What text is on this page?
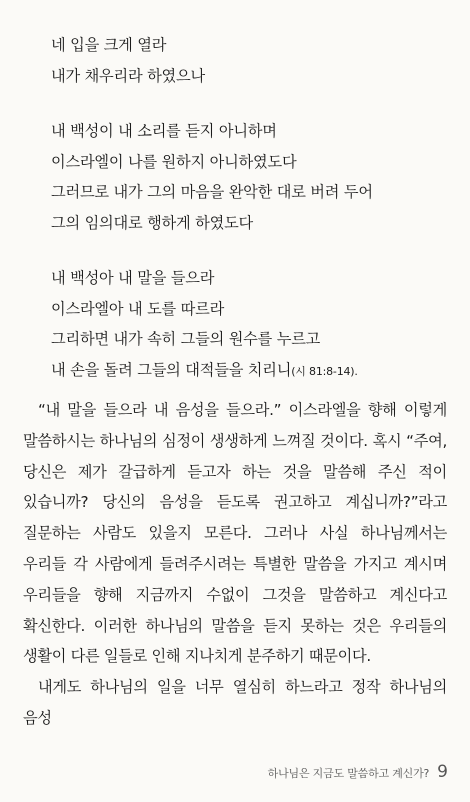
네 입을 크게 열라
내가 채우리라 하였으나
내 백성이 내 소리를 듣지 아니하며
이스라엘이 나를 원하지 아니하였도다
그러므로 내가 그의 마음을 완악한 대로 버려 두어
그의 임의대로 행하게 하였도다
내 백성아 내 말을 들으라
이스라엘아 내 도를 따르라
그리하면 내가 속히 그들의 원수를 누르고
내 손을 돌려 그들의 대적들을 치리니(시 81:8-14).

“내 말을 들으라 내 음성을 들으라.” 이스라엘을 향해 이렇게 말씀하시는 하나님의 심정이 생생하게 느껴질 것이다. 혹시 “주여, 당신은 제가 갈급하게 듣고자 하는 것을 말씀해 주신 적이 있습니까? 당신의 음성을 듣도록 권고하고 계십니까?”라고 질문하는 사람도 있을지 모른다. 그러나 사실 하나님께서는 우리들 각 사람에게 들려주시려는 특별한 말씀을 가지고 계시며 우리들을 향해 지금까지 수없이 그것을 말씀하고 계신다고 확신한다. 이러한 하나님의 말씀을 듣지 못하는 것은 우리들의 생활이 다른 일들로 인해 지나치게 분주하기 때문이다.

내게도 하나님의 일을 너무 열심히 하느라고 정작 하나님의 음성

하나님은 지금도 말씀하고 계신가? 9
